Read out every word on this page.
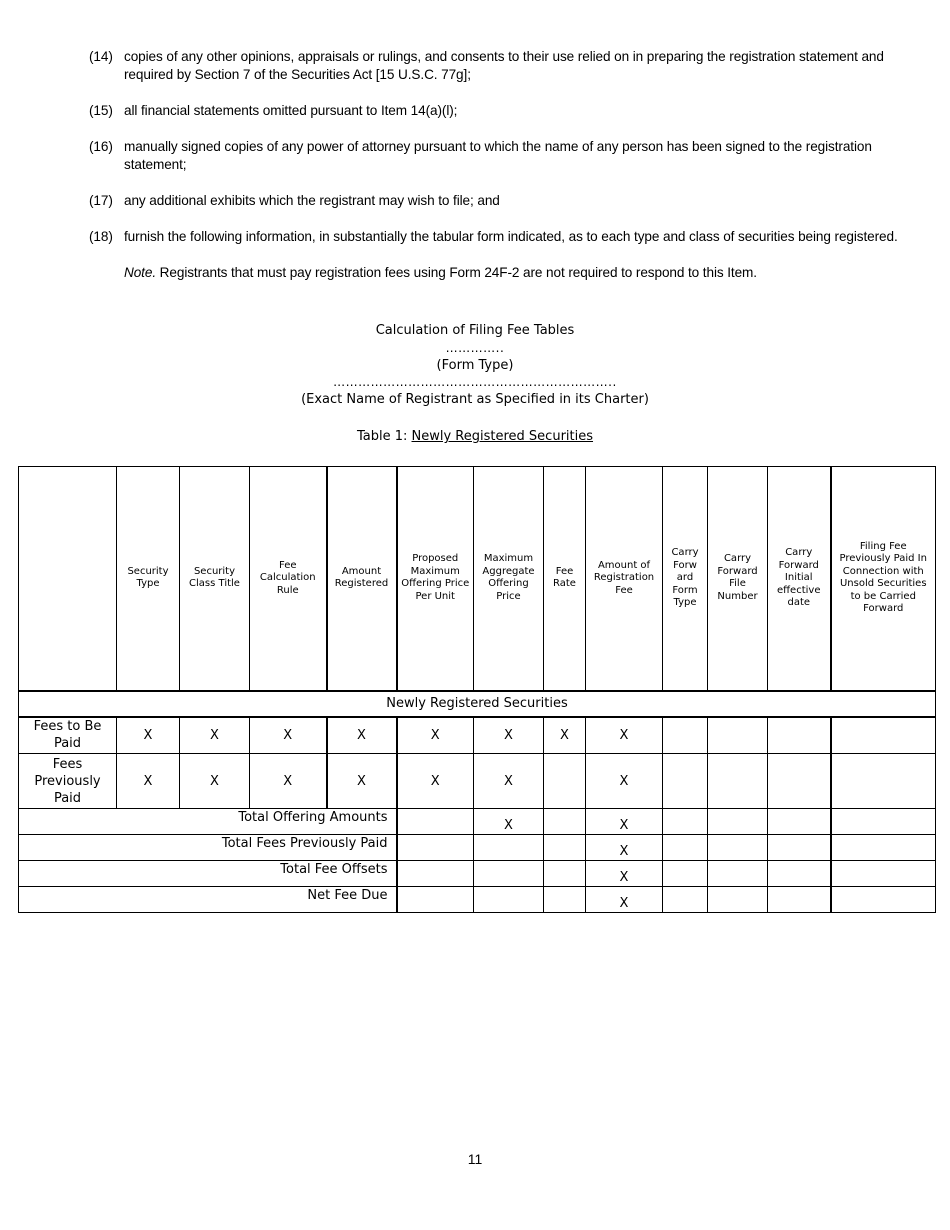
(14) copies of any other opinions, appraisals or rulings, and consents to their use relied on in preparing the registration statement and required by Section 7 of the Securities Act [15 U.S.C. 77g];
(15) all financial statements omitted pursuant to Item 14(a)(l);
(16) manually signed copies of any power of attorney pursuant to which the name of any person has been signed to the registration statement;
(17) any additional exhibits which the registrant may wish to file; and
(18) furnish the following information, in substantially the tabular form indicated, as to each type and class of securities being registered.
Note. Registrants that must pay registration fees using Form 24F-2 are not required to respond to this Item.
Calculation of Filing Fee Tables
…………..
(Form Type)
…………………………………………………………..
(Exact Name of Registrant as Specified in its Charter)
Table 1: Newly Registered Securities
	Security Type	Security Class Title	Fee Calculation Rule	Amount Registered	Proposed Maximum Offering Price Per Unit	Maximum Aggregate Offering Price	Fee Rate	Amount of Registration Fee	Carry Forw ard Form Type	Carry Forward File Number	Carry Forward Initial effective date	Filing Fee Previously Paid In Connection with Unsold Securities to be Carried Forward
Newly Registered Securities												
Fees to Be Paid	X	X	X	X	X	X	X	X				
Fees Previously Paid	X	X	X	X	X	X		X				
Total Offering Amounts						X		X				
Total Fees Previously Paid								X				
Total Fee Offsets								X				
Net Fee Due								X				
11
